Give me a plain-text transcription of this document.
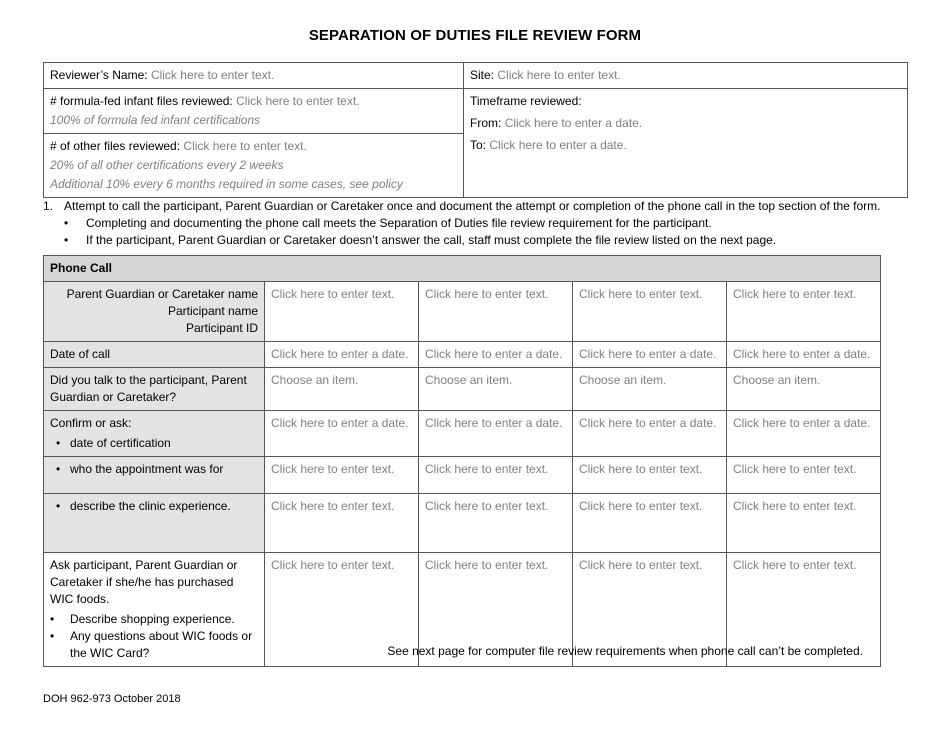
SEPARATION OF DUTIES FILE REVIEW FORM
Reviewer’s Name: Click here to enter text.	Site: Click here to enter text.

# formula-fed infant files reviewed: Click here to enter text.
100% of formula fed infant certifications	Timeframe reviewed:
From: Click here to enter a date.
To: Click here to enter a date.

# of other files reviewed: Click here to enter text.
20% of all other certifications every 2 weeks
Additional 10% every 6 months required in some cases, see policy	
1. Attempt to call the participant, Parent Guardian or Caretaker once and document the attempt or completion of the phone call in the top section of the form.
• Completing and documenting the phone call meets the Separation of Duties file review requirement for the participant.
• If the participant, Parent Guardian or Caretaker doesn’t answer the call, staff must complete the file review listed on the next page.
Phone Call				

Parent Guardian or Caretaker name
Participant name
Participant ID	Click here to enter text.	Click here to enter text.	Click here to enter text.	Click here to enter text.
Date of call	Click here to enter a date.	Click here to enter a date.	Click here to enter a date.	Click here to enter a date.
Did you talk to the participant, Parent Guardian or Caretaker?	Choose an item.	Choose an item.	Choose an item.	Choose an item.

Confirm or ask:
• date of certification	Click here to enter a date.	Click here to enter a date.	Click here to enter a date.	Click here to enter a date.

• who the appointment was for	Click here to enter text.	Click here to enter text.	Click here to enter text.	Click here to enter text.

• describe the clinic experience.	Click here to enter text.	Click here to enter text.	Click here to enter text.	Click here to enter text.

Ask participant, Parent Guardian or Caretaker if she/he has purchased WIC foods.
• Describe shopping experience.
• Any questions about WIC foods or the WIC Card?	Click here to enter text.	Click here to enter text.	Click here to enter text.	Click here to enter text.
See next page for computer file review requirements when phone call can’t be completed.
DOH 962-973 October 2018
